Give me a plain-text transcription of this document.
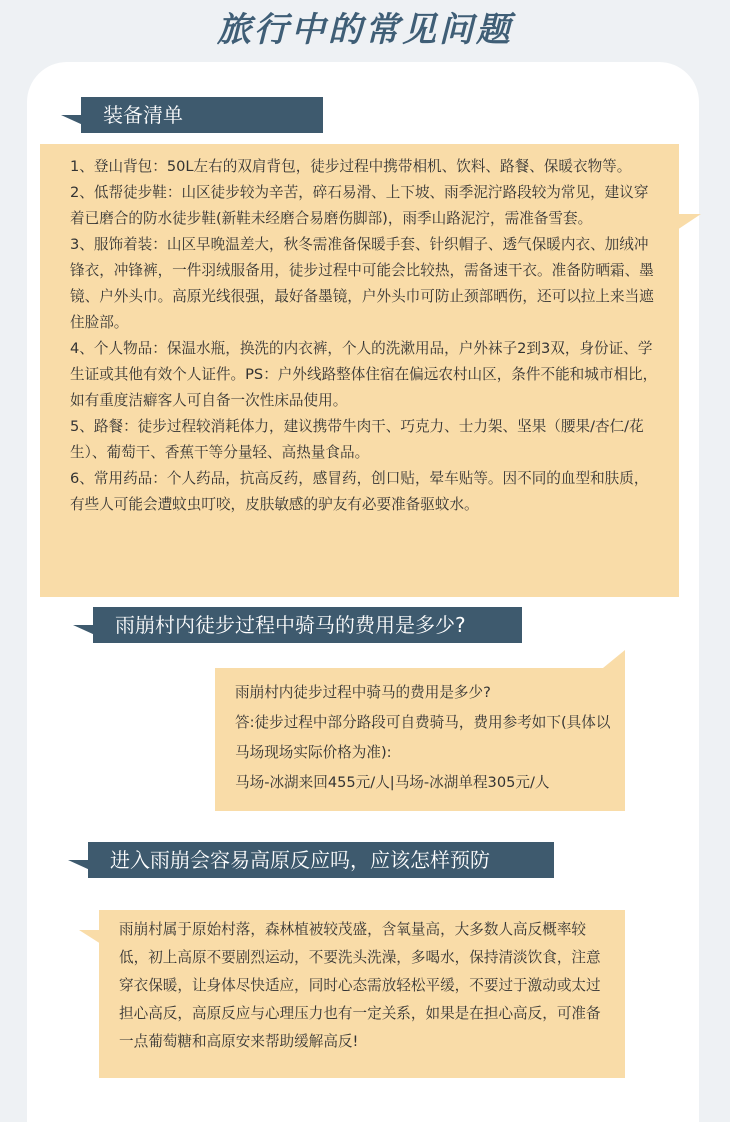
旅行中的常见问题
装备清单

1、登山背包：50L左右的双肩背包，徒步过程中携带相机、饮料、路餐、保暖衣物等。

2、低帮徒步鞋：山区徒步较为辛苦，碎石易滑、上下坡、雨季泥泞路段较为常见，建议穿着已磨合的防水徒步鞋(新鞋未经磨合易磨伤脚部)，雨季山路泥泞，需准备雪套。

3、服饰着装：山区早晚温差大，秋冬需准备保暖手套、针织帽子、透气保暖内衣、加绒冲锋衣，冲锋裤，一件羽绒服备用，徒步过程中可能会比较热，需备速干衣。准备防晒霜、墨镜、户外头巾。高原光线很强，最好备墨镜，户外头巾可防止颈部晒伤，还可以拉上来当遮住脸部。

4、个人物品：保温水瓶，换洗的内衣裤，个人的洗漱用品，户外袜子2到3双，身份证、学生证或其他有效个人证件。PS：户外线路整体住宿在偏远农村山区，条件不能和城市相比，如有重度洁癖客人可自备一次性床品使用。

5、路餐：徒步过程较消耗体力，建议携带牛肉干、巧克力、士力架、坚果（腰果/杏仁/花生）、葡萄干、香蕉干等分量轻、高热量食品。

6、常用药品：个人药品，抗高反药，感冒药，创口贴，晕车贴等。因不同的血型和肤质，有些人可能会遭蚊虫叮咬，皮肤敏感的驴友有必要准备驱蚊水。

雨崩村内徒步过程中骑马的费用是多少?

雨崩村内徒步过程中骑马的费用是多少?

答:徒步过程中部分路段可自费骑马，费用参考如下(具体以马场现场实际价格为准):

马场-冰湖来回455元/人|马场-冰湖单程305元/人

进入雨崩会容易高原反应吗，应该怎样预防

雨崩村属于原始村落，森林植被较茂盛，含氧量高，大多数人高反概率较低，初上高原不要剧烈运动，不要洗头洗澡，多喝水，保持清淡饮食，注意穿衣保暖，让身体尽快适应，同时心态需放轻松平缓，不要过于激动或太过担心高反，高原反应与心理压力也有一定关系，如果是在担心高反，可准备一点葡萄糖和高原安来帮助缓解高反!
